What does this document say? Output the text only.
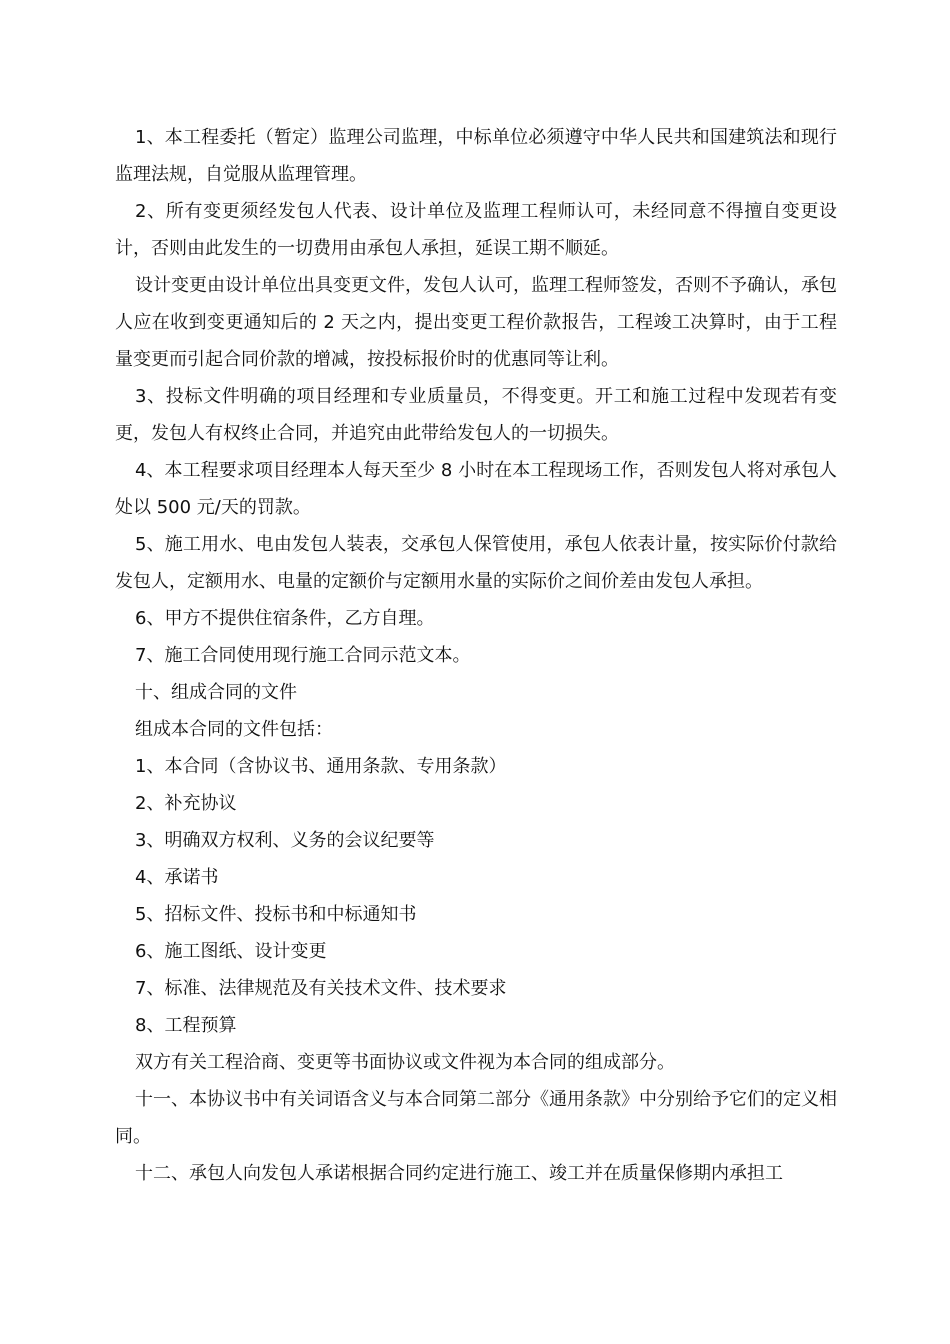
1、本工程委托（暂定）监理公司监理，中标单位必须遵守中华人民共和国建筑法和现行监理法规，自觉服从监理管理。

2、所有变更须经发包人代表、设计单位及监理工程师认可，未经同意不得擅自变更设计，否则由此发生的一切费用由承包人承担，延误工期不顺延。

设计变更由设计单位出具变更文件，发包人认可，监理工程师签发，否则不予确认，承包人应在收到变更通知后的 2 天之内，提出变更工程价款报告，工程竣工决算时，由于工程量变更而引起合同价款的增减，按投标报价时的优惠同等让利。

3、投标文件明确的项目经理和专业质量员，不得变更。开工和施工过程中发现若有变更，发包人有权终止合同，并追究由此带给发包人的一切损失。

4、本工程要求项目经理本人每天至少 8 小时在本工程现场工作，否则发包人将对承包人处以 500 元/天的罚款。

5、施工用水、电由发包人装表，交承包人保管使用，承包人依表计量，按实际价付款给发包人，定额用水、电量的定额价与定额用水量的实际价之间价差由发包人承担。

6、甲方不提供住宿条件，乙方自理。

7、施工合同使用现行施工合同示范文本。

十、组成合同的文件

组成本合同的文件包括：

1、本合同（含协议书、通用条款、专用条款）

2、补充协议

3、明确双方权利、义务的会议纪要等

4、承诺书

5、招标文件、投标书和中标通知书

6、施工图纸、设计变更

7、标准、法律规范及有关技术文件、技术要求

8、工程预算

双方有关工程洽商、变更等书面协议或文件视为本合同的组成部分。

十一、本协议书中有关词语含义与本合同第二部分《通用条款》中分别给予它们的定义相同。

十二、承包人向发包人承诺根据合同约定进行施工、竣工并在质量保修期内承担工
